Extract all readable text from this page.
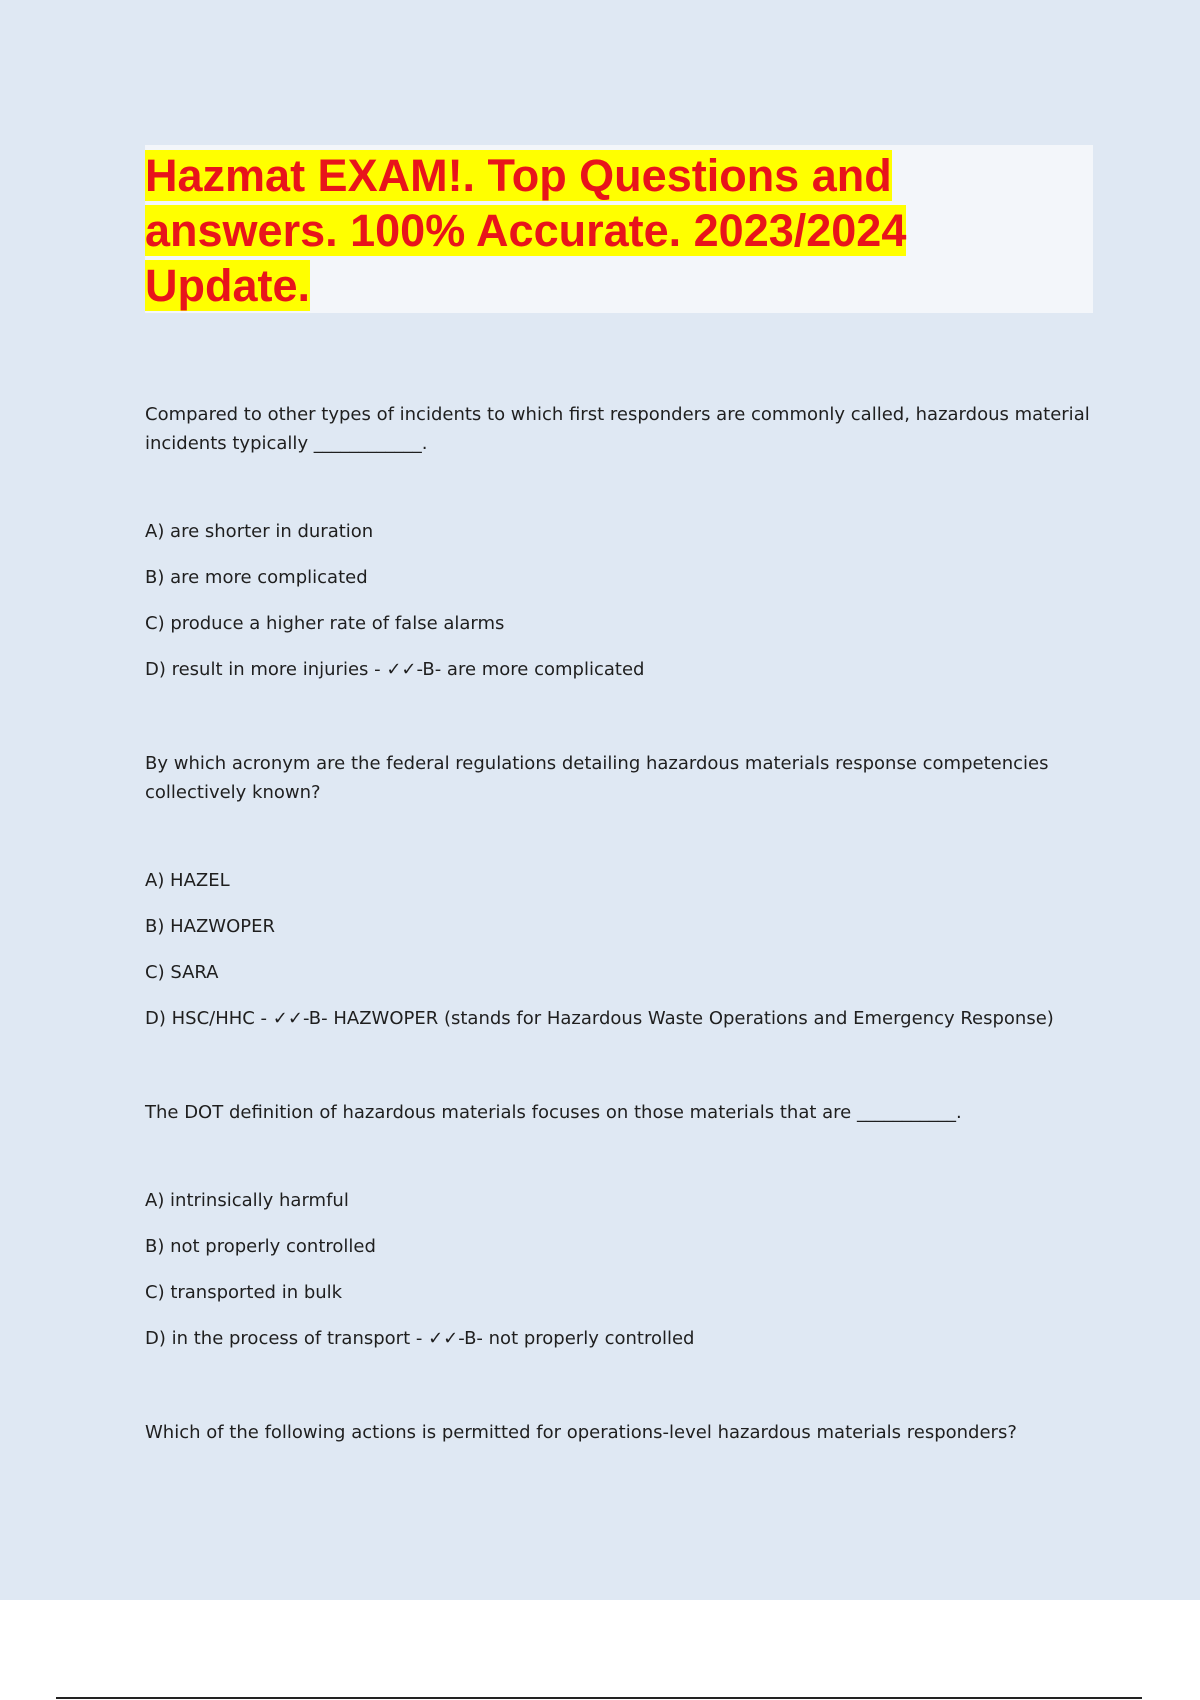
Hazmat EXAM!. Top Questions and answers. 100% Accurate. 2023/2024 Update.

Compared to other types of incidents to which first responders are commonly called, hazardous material incidents typically ____________.

A) are shorter in duration
B) are more complicated
C) produce a higher rate of false alarms
D) result in more injuries - ✓✓-B- are more complicated

By which acronym are the federal regulations detailing hazardous materials response competencies collectively known?

A) HAZEL
B) HAZWOPER
C) SARA
D) HSC/HHC - ✓✓-B- HAZWOPER (stands for Hazardous Waste Operations and Emergency Response)

The DOT definition of hazardous materials focuses on those materials that are ___________.

A) intrinsically harmful
B) not properly controlled
C) transported in bulk
D) in the process of transport - ✓✓-B- not properly controlled

Which of the following actions is permitted for operations-level hazardous materials responders?
